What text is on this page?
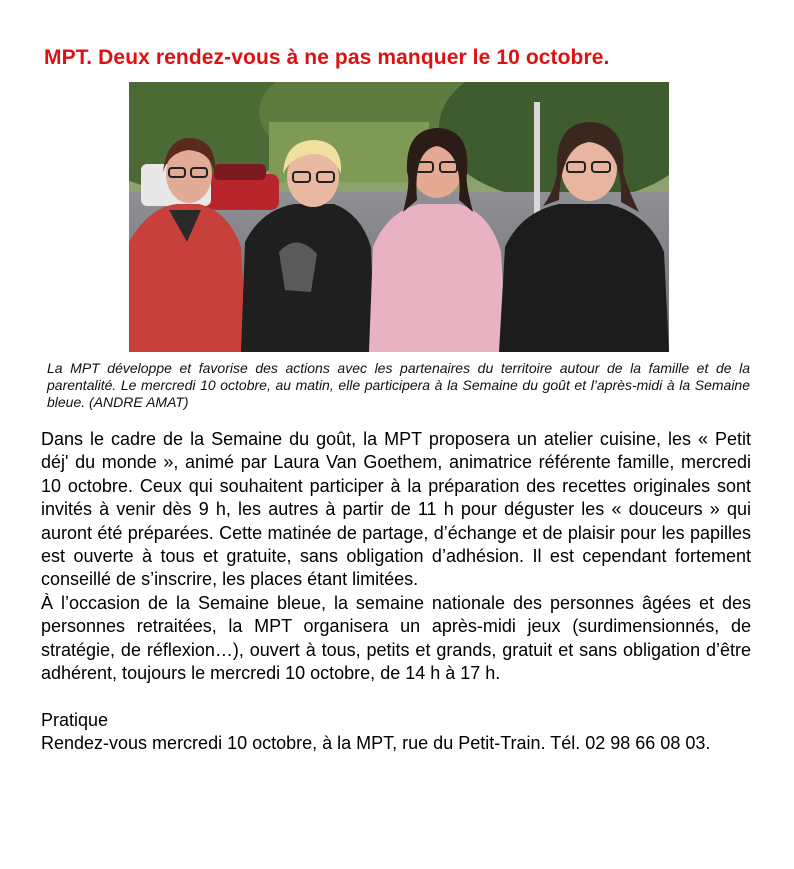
MPT. Deux rendez-vous à ne pas manquer le 10 octobre.

La MPT développe et favorise des actions avec les partenaires du territoire autour de la famille et de la parentalité. Le mercredi 10 octobre, au matin, elle participera à la Semaine du goût et l’après-midi à la Semaine bleue. (ANDRE AMAT)

Dans le cadre de la Semaine du goût, la MPT proposera un atelier cuisine, les « Petit déj' du monde », animé par Laura Van Goethem, animatrice référente famille, mercredi 10 octobre. Ceux qui souhaitent participer à la préparation des recettes originales sont invités à venir dès 9 h, les autres à partir de 11 h pour déguster les « douceurs » qui auront été préparées. Cette matinée de partage, d’échange et de plaisir pour les papilles est ouverte à tous et gratuite, sans obligation d’adhésion. Il est cependant fortement conseillé de s’inscrire, les places étant limitées.

À l’occasion de la Semaine bleue, la semaine nationale des personnes âgées et des personnes retraitées, la MPT organisera un après-midi jeux (surdimensionnés, de stratégie, de réflexion…), ouvert à tous, petits et grands, gratuit et sans obligation d’être adhérent, toujours le mercredi 10 octobre, de 14 h à 17 h.

Pratique

Rendez-vous mercredi 10 octobre, à la MPT, rue du Petit-Train. Tél. 02 98 66 08 03.
